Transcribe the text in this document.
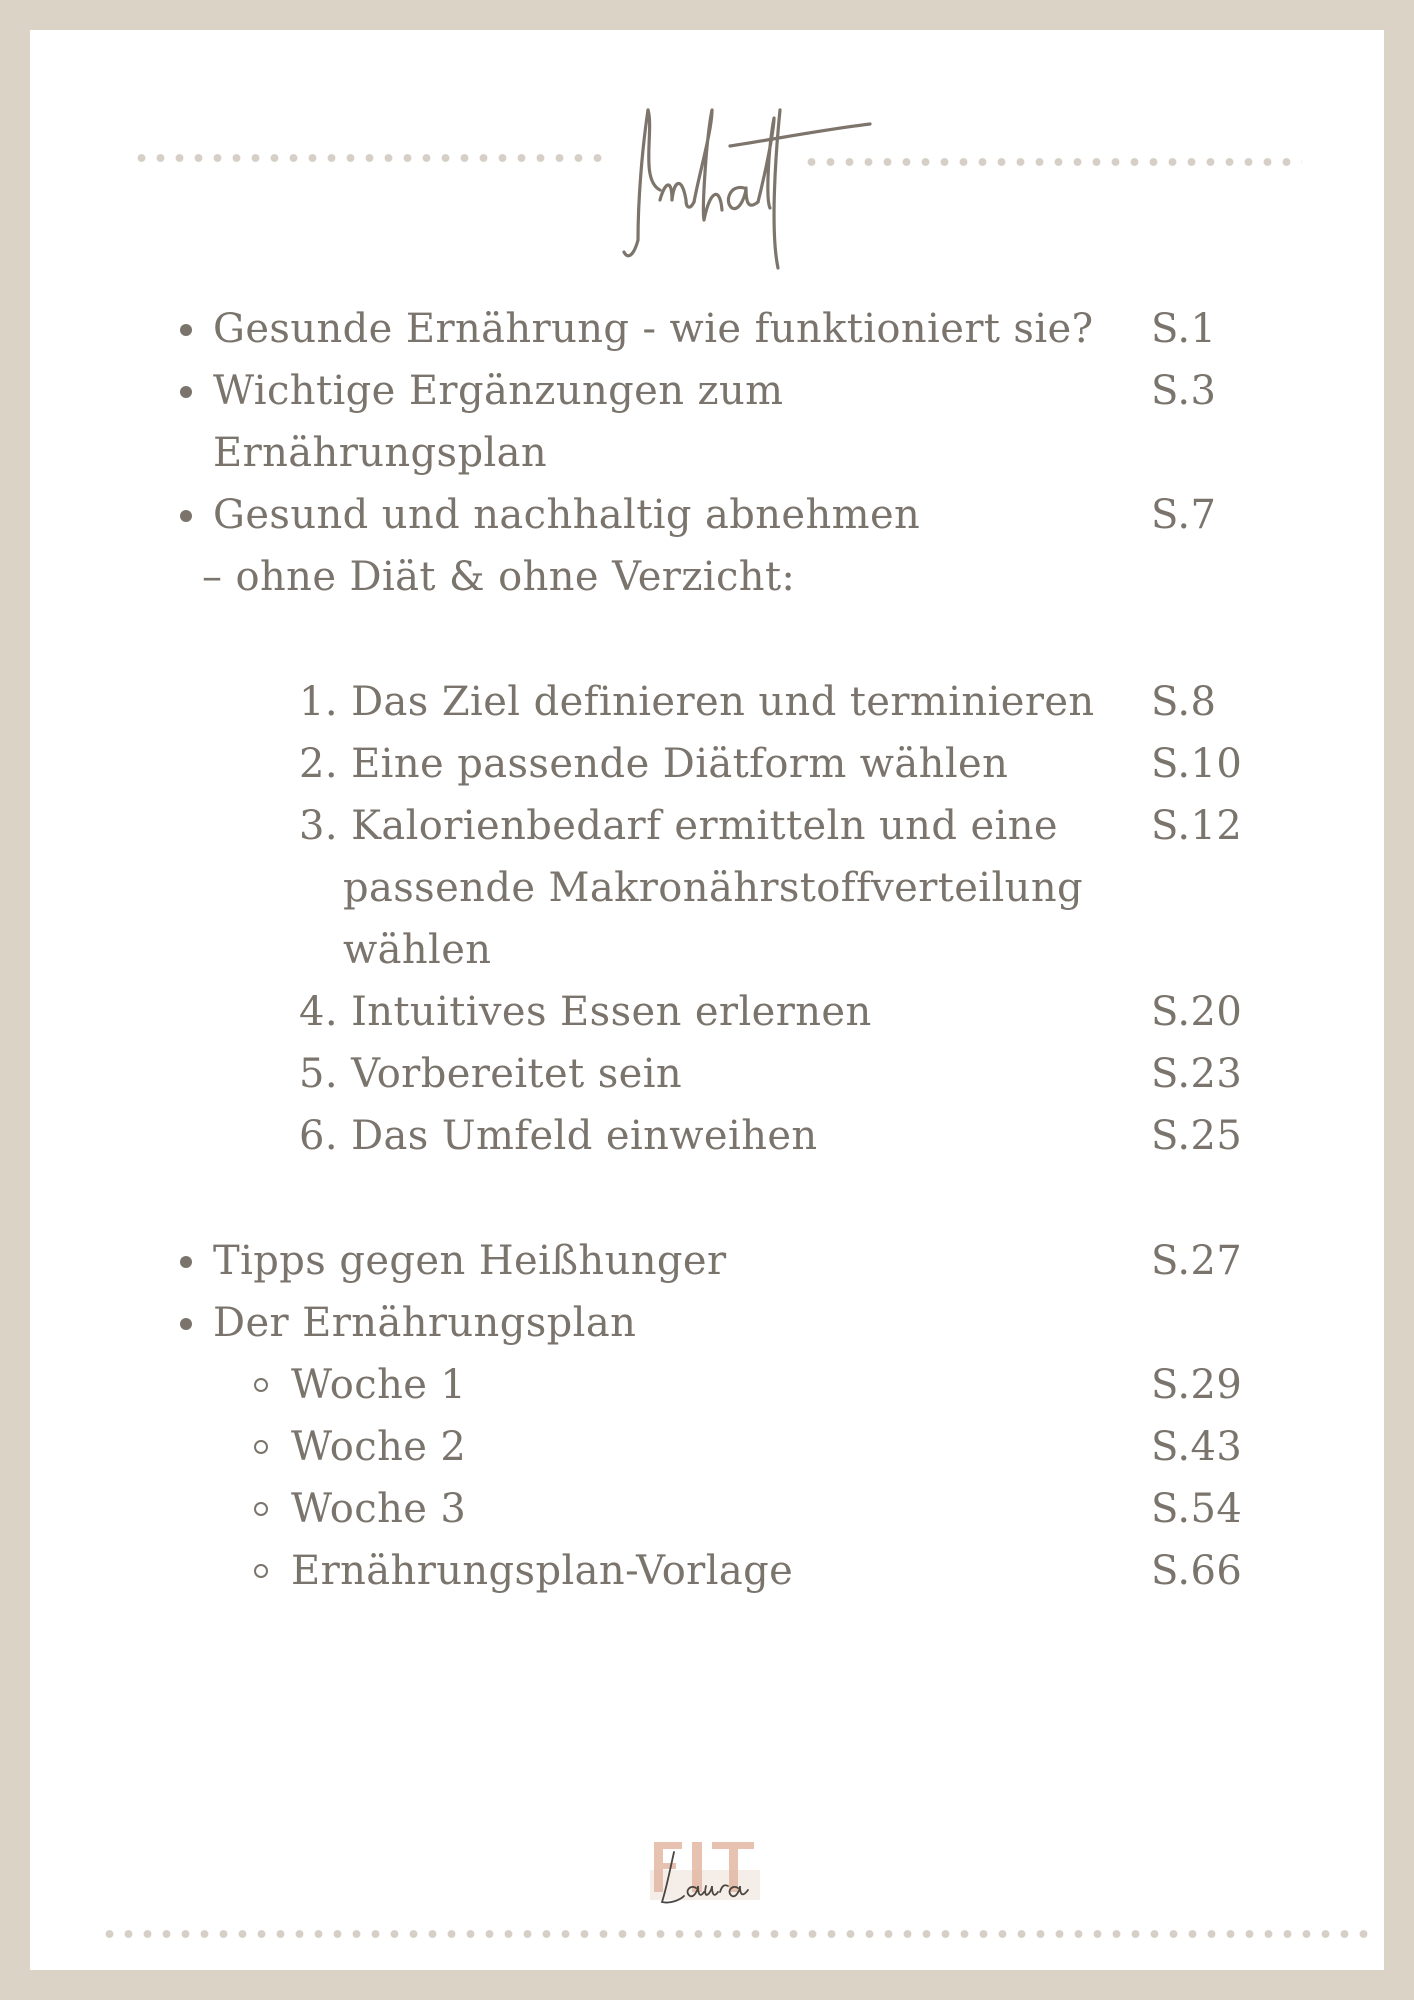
Gesunde Ernährung - wie funktioniert sie? S.1
Wichtige Ergänzungen zum	S.3
Ernährungsplan
Gesund und nachhaltig abnehmen	S.7
– ohne Diät & ohne Verzicht:
1. Das Ziel definieren und terminieren S.8
2. Eine passende Diätform wählen	S.10
3. Kalorienbedarf ermitteln und eine S.12
passende Makronährstoffverteilung
wählen
4. Intuitives Essen erlernen	S.20
5. Vorbereitet sein	S.23
6. Das Umfeld einweihen	S.25
Tipps gegen Heißhunger	S.27
Der Ernährungsplan
Woche 1	S.29
Woche 2	S.43
Woche 3	S.54
Ernährungsplan-Vorlage	S.66
